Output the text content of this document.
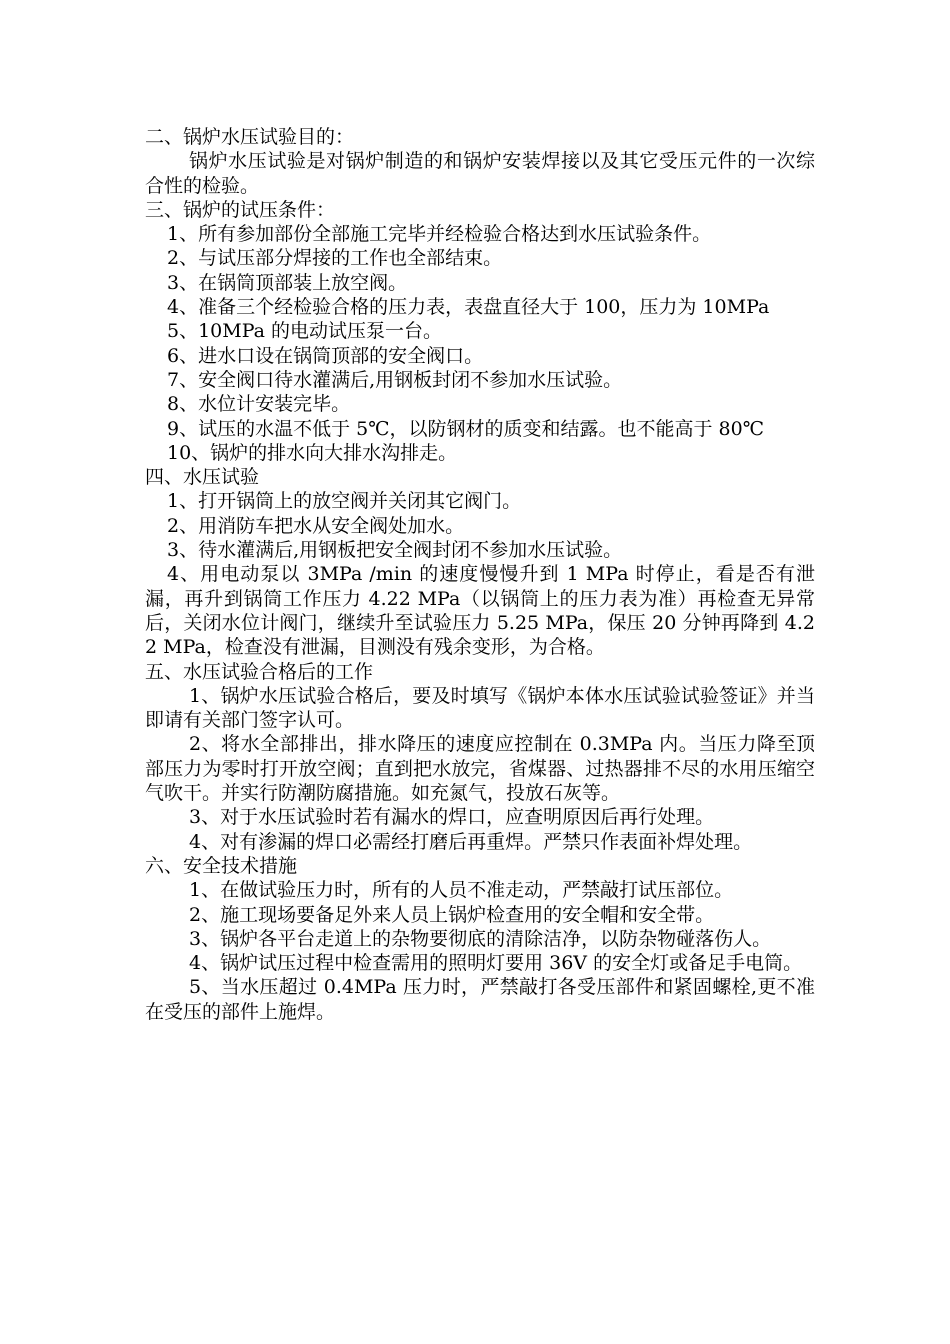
二、锅炉水压试验目的：

锅炉水压试验是对锅炉制造的和锅炉安装焊接以及其它受压元件的一次综合性的检验。

三、锅炉的试压条件：

1、所有参加部份全部施工完毕并经检验合格达到水压试验条件。

2、与试压部分焊接的工作也全部结束。

3、在锅筒顶部装上放空阀。

4、准备三个经检验合格的压力表，表盘直径大于 100，压力为 10MPa

5、10MPa 的电动试压泵一台。

6、进水口设在锅筒顶部的安全阀口。

7、安全阀口待水灌满后,用钢板封闭不参加水压试验。

8、水位计安装完毕。

9、试压的水温不低于 5℃，以防钢材的质变和结露。也不能高于 80℃

10、锅炉的排水向大排水沟排走。

四、水压试验

1、打开锅筒上的放空阀并关闭其它阀门。

2、用消防车把水从安全阀处加水。

3、待水灌满后,用钢板把安全阀封闭不参加水压试验。

4、用电动泵以 3MPa /min 的速度慢慢升到 1 MPa 时停止，看是否有泄漏，再升到锅筒工作压力 4.22 MPa（以锅筒上的压力表为准）再检查无异常后，关闭水位计阀门，继续升至试验压力 5.25 MPa，保压 20 分钟再降到 4.22 MPa，检查没有泄漏，目测没有残余变形，为合格。

五、水压试验合格后的工作

1、锅炉水压试验合格后，要及时填写《锅炉本体水压试验试验签证》并当即请有关部门签字认可。

2、将水全部排出，排水降压的速度应控制在 0.3MPa 内。当压力降至顶部压力为零时打开放空阀；直到把水放完，省煤器、过热器排不尽的水用压缩空气吹干。并实行防潮防腐措施。如充氮气，投放石灰等。

3、对于水压试验时若有漏水的焊口，应查明原因后再行处理。

4、对有渗漏的焊口必需经打磨后再重焊。严禁只作表面补焊处理。

六、安全技术措施

1、在做试验压力时，所有的人员不准走动，严禁敲打试压部位。

2、施工现场要备足外来人员上锅炉检查用的安全帽和安全带。

3、锅炉各平台走道上的杂物要彻底的清除洁净，以防杂物碰落伤人。

4、锅炉试压过程中检查需用的照明灯要用 36V 的安全灯或备足手电筒。

5、当水压超过 0.4MPa 压力时，严禁敲打各受压部件和紧固螺栓,更不准在受压的部件上施焊。
